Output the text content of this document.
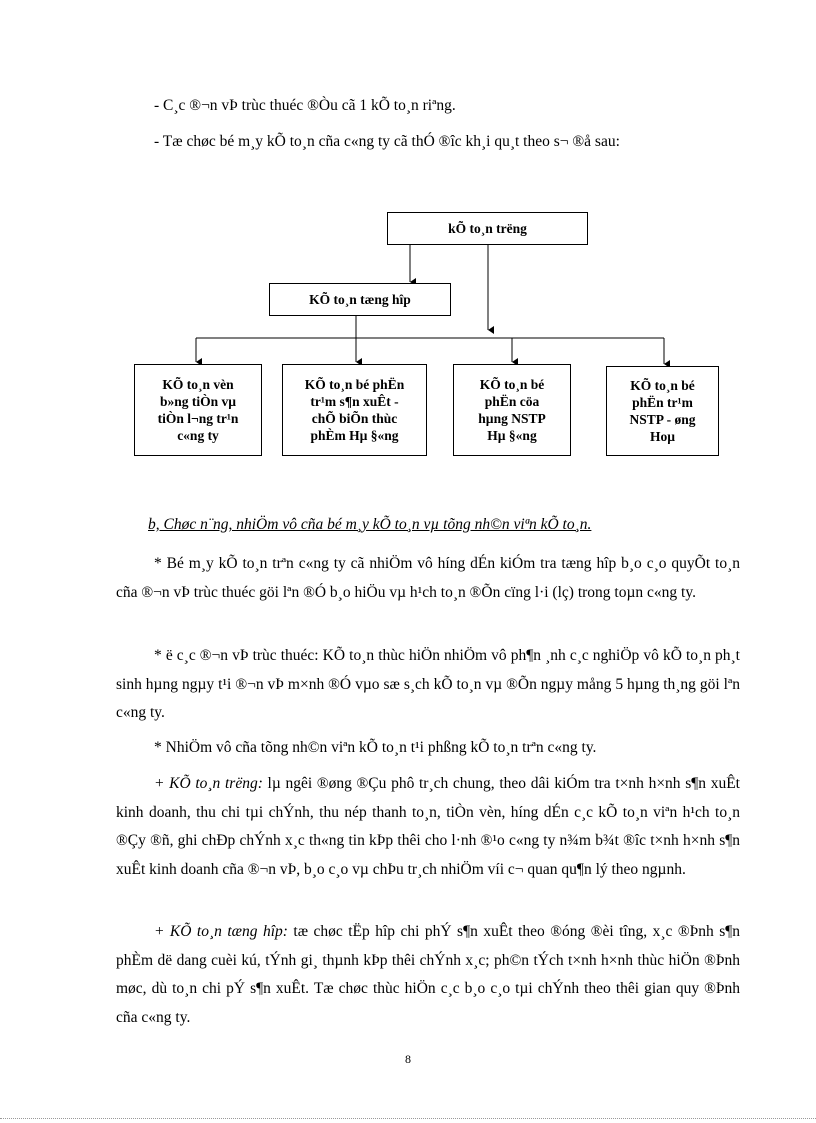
- C¸c ®¬n vÞ trùc thuéc ®Òu cã 1 kÕ to¸n riªng.

- Tæ chøc bé m¸y kÕ to¸n cña c«ng ty cã thÓ ®îc kh¸i qu¸t theo s¬ ®å sau:

kÕ to¸n trëng
KÕ to¸n tæng hîp
KÕ to¸n vèn
b»ng tiÒn vµ
tiÒn l¬ng tr¹n
c«ng ty
KÕ to¸n bé phËn
tr¹m s¶n xuÊt -
chÕ biÕn thùc
phÈm Hµ §«ng
KÕ to¸n bé
phËn cöa
hµng NSTP
Hµ §«ng
KÕ to¸n bé
phËn tr¹m
NSTP - øng
Hoµ

b, Chøc n¨ng, nhiÖm vô cña bé m¸y kÕ to¸n vµ tõng nh©n viªn kÕ to¸n.

* Bé m¸y kÕ to¸n trªn c«ng ty cã nhiÖm vô híng dÉn kiÓm tra tæng hîp b¸o c¸o quyÕt to¸n cña ®¬n vÞ trùc thuéc göi lªn ®Ó b¸o hiÖu vµ h¹ch to¸n ®Õn cïng l·i (lç) trong toµn c«ng ty.

* ë c¸c ®¬n vÞ trùc thuéc: KÕ to¸n thùc hiÖn nhiÖm vô ph¶n ¸nh c¸c nghiÖp vô kÕ to¸n ph¸t sinh hµng ngµy t¹i ®¬n vÞ m×nh ®Ó vµo sæ s¸ch kÕ to¸n vµ ®Õn ngµy mång 5 hµng th¸ng göi lªn c«ng ty.

* NhiÖm vô cña tõng nh©n viªn kÕ to¸n t¹i phßng kÕ to¸n trªn c«ng ty.

+ KÕ to¸n trëng: lµ ngêi ®øng ®Çu phô tr¸ch chung, theo dâi kiÓm tra t×nh h×nh s¶n xuÊt kinh doanh, thu chi tµi chÝnh, thu nép thanh to¸n, tiÒn vèn, híng dÉn c¸c kÕ to¸n viªn h¹ch to¸n ®Çy ®ñ, ghi chÐp chÝnh x¸c th«ng tin kÞp thêi cho l·nh ®¹o c«ng ty n¾m b¾t ®îc t×nh h×nh s¶n xuÊt kinh doanh cña ®¬n vÞ, b¸o c¸o vµ chÞu tr¸ch nhiÖm víi c¬ quan qu¶n lý theo ngµnh.

+ KÕ to¸n tæng hîp: tæ chøc tËp hîp chi phÝ s¶n xuÊt theo ®óng ®èi tîng, x¸c ®Þnh s¶n phÈm dë dang cuèi kú, tÝnh gi¸ thµnh kÞp thêi chÝnh x¸c; ph©n tÝch t×nh h×nh thùc hiÖn ®Þnh møc, dù to¸n chi pÝ s¶n xuÊt. Tæ chøc thùc hiÖn c¸c b¸o c¸o tµi chÝnh theo thêi gian quy ®Þnh cña c«ng ty.

8
